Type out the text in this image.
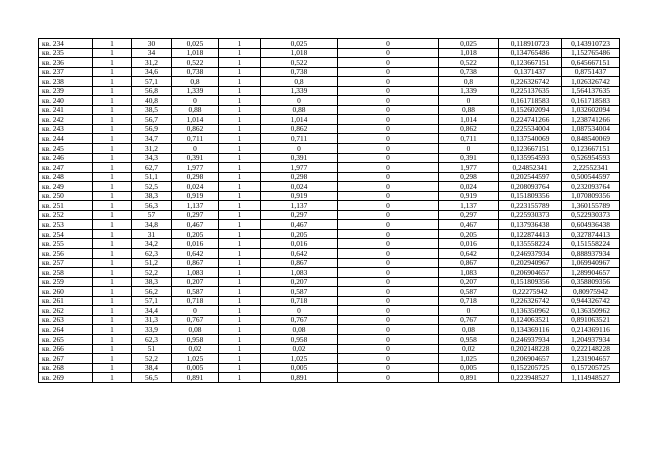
кв. 234	1	30	0,025	1	0,025	0	0,025	0,118910723	0,143910723
кв. 235	1	34	1,018	1	1,018	0	1,018	0,134765486	1,152765486
кв. 236	1	31,2	0,522	1	0,522	0	0,522	0,123667151	0,645667151
кв. 237	1	34,6	0,738	1	0,738	0	0,738	0,1371437	0,8751437
кв. 238	1	57,1	0,8	1	0,8	0	0,8	0,226326742	1,026326742
кв. 239	1	56,8	1,339	1	1,339	0	1,339	0,225137635	1,564137635
кв. 240	1	40,8	0	1	0	0	0	0,161718583	0,161718583
кв. 241	1	38,5	0,88	1	0,88	0	0,88	0,152602094	1,032602094
кв. 242	1	56,7	1,014	1	1,014	0	1,014	0,224741266	1,238741266
кв. 243	1	56,9	0,862	1	0,862	0	0,862	0,225534004	1,087534004
кв. 244	1	34,7	0,711	1	0,711	0	0,711	0,137540069	0,848540069
кв. 245	1	31,2	0	1	0	0	0	0,123667151	0,123667151
кв. 246	1	34,3	0,391	1	0,391	0	0,391	0,135954593	0,526954593
кв. 247	1	62,7	1,977	1	1,977	0	1,977	0,24852341	2,22552341
кв. 248	1	51,1	0,298	1	0,298	0	0,298	0,202544597	0,500544597
кв. 249	1	52,5	0,024	1	0,024	0	0,024	0,208093764	0,232093764
кв. 250	1	38,3	0,919	1	0,919	0	0,919	0,151809356	1,070809356
кв. 251	1	56,3	1,137	1	1,137	0	1,137	0,223155789	1,360155789
кв. 252	1	57	0,297	1	0,297	0	0,297	0,225930373	0,522930373
кв. 253	1	34,8	0,467	1	0,467	0	0,467	0,137936438	0,604936438
кв. 254	1	31	0,205	1	0,205	0	0,205	0,122874413	0,327874413
кв. 255	1	34,2	0,016	1	0,016	0	0,016	0,135558224	0,151558224
кв. 256	1	62,3	0,642	1	0,642	0	0,642	0,246937934	0,888937934
кв. 257	1	51,2	0,867	1	0,867	0	0,867	0,202940967	1,069940967
кв. 258	1	52,2	1,083	1	1,083	0	1,083	0,206904657	1,289904657
кв. 259	1	38,3	0,207	1	0,207	0	0,207	0,151809356	0,358809356
кв. 260	1	56,2	0,587	1	0,587	0	0,587	0,22275942	0,80975942
кв. 261	1	57,1	0,718	1	0,718	0	0,718	0,226326742	0,944326742
кв. 262	1	34,4	0	1	0	0	0	0,136350962	0,136350962
кв. 263	1	31,3	0,767	1	0,767	0	0,767	0,124063521	0,891063521
кв. 264	1	33,9	0,08	1	0,08	0	0,08	0,134369116	0,214369116
кв. 265	1	62,3	0,958	1	0,958	0	0,958	0,246937934	1,204937934
кв. 266	1	51	0,02	1	0,02	0	0,02	0,202148228	0,222148228
кв. 267	1	52,2	1,025	1	1,025	0	1,025	0,206904657	1,231904657
кв. 268	1	38,4	0,005	1	0,005	0	0,005	0,152205725	0,157205725
кв. 269	1	56,5	0,891	1	0,891	0	0,891	0,223948527	1,114948527
